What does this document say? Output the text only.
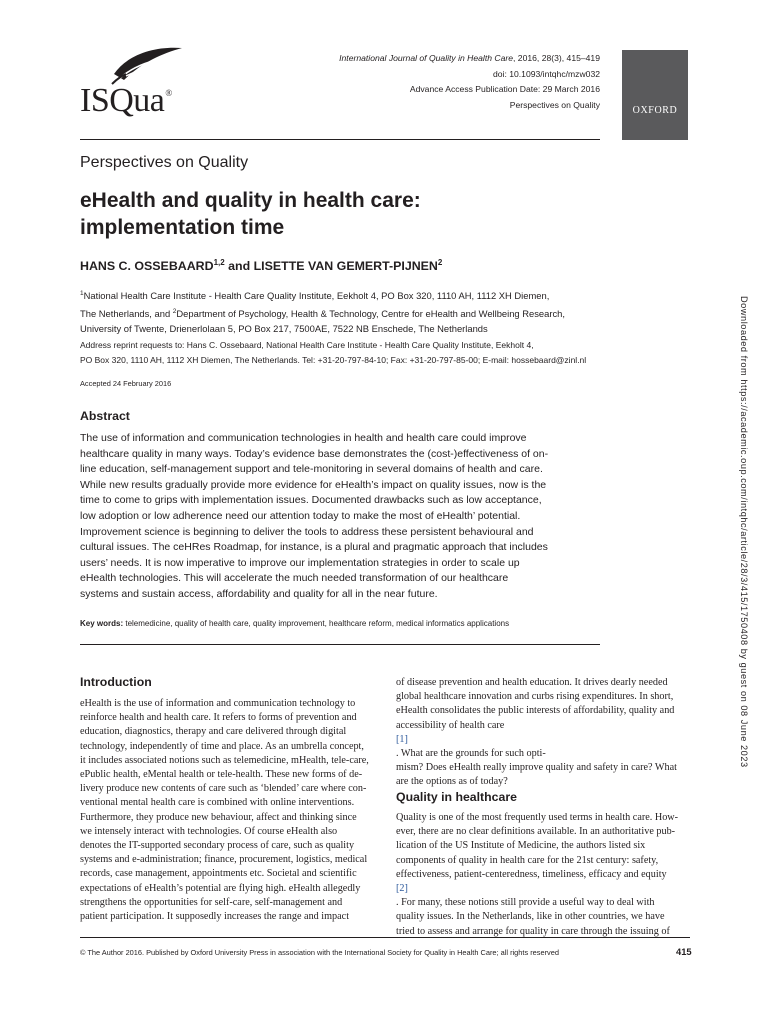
ISQua®
International Journal of Quality in Health Care, 2016, 28(3), 415–419
doi: 10.1093/intqhc/mzw032
Advance Access Publication Date: 29 March 2016
Perspectives on Quality
OXFORD
Perspectives on Quality
eHealth and quality in health care:
implementation time
HANS C. OSSEBAARD$^{1,2}$ and LISETTE VAN GEMERT-PIJNEN$^2$
$^1$National Health Care Institute - Health Care Quality Institute, Eekholt 4, PO Box 320, 1110 AH, 1112 XH Diemen,
The Netherlands, and $^2$Department of Psychology, Health & Technology, Centre for eHealth and Wellbeing Research,
University of Twente, Drienerlolaan 5, PO Box 217, 7500AE, 7522 NB Enschede, The Netherlands
Address reprint requests to: Hans C. Ossebaard, National Health Care Institute - Health Care Quality Institute, Eekholt 4,
PO Box 320, 1110 AH, 1112 XH Diemen, The Netherlands. Tel: +31-20-797-84-10; Fax: +31-20-797-85-00; E-mail: hossebaard@zinl.nl
Accepted 24 February 2016
Abstract
The use of information and communication technologies in health and health care could improve
healthcare quality in many ways. Today’s evidence base demonstrates the (cost-)effectiveness of on-
line education, self-management support and tele-monitoring in several domains of health and care.
While new results gradually provide more evidence for eHealth’s impact on quality issues, now is the
time to come to grips with implementation issues. Documented drawbacks such as low acceptance,
low adoption or low adherence need our attention today to make the most of eHealth’ potential.
Improvement science is beginning to deliver the tools to address these persistent behavioural and
cultural issues. The ceHRes Roadmap, for instance, is a plural and pragmatic approach that includes
users’ needs. It is now imperative to improve our implementation strategies in order to scale up
eHealth technologies. This will accelerate the much needed transformation of our healthcare
systems and sustain access, affordability and quality for all in the near future.
Key words: telemedicine, quality of health care, quality improvement, healthcare reform, medical informatics applications
Introduction
eHealth is the use of information and communication technology to
reinforce health and health care. It refers to forms of prevention and
education, diagnostics, therapy and care delivered through digital
technology, independently of time and place. As an umbrella concept,
it includes associated notions such as telemedicine, mHealth, tele-care,
ePublic health, eMental health or tele-health. These new forms of de-
livery produce new contents of care such as ‘blended’ care where con-
ventional mental health care is combined with online interventions.
Furthermore, they produce new behaviour, affect and thinking since
we intensely interact with technologies. Of course eHealth also
denotes the IT-supported secondary process of care, such as quality
systems and e-administration; finance, procurement, logistics, medical
records, case management, appointments etc. Societal and scientific
expectations of eHealth’s potential are flying high. eHealth allegedly
strengthens the opportunities for self-care, self-management and
patient participation. It supposedly increases the range and impact
of disease prevention and health education. It drives dearly needed
global healthcare innovation and curbs rising expenditures. In short,
eHealth consolidates the public interests of affordability, quality and
accessibility of health care
[1]
. What are the grounds for such opti-
mism? Does eHealth really improve quality and safety in care? What
are the options as of today?
Quality in healthcare
Quality is one of the most frequently used terms in health care. How-
ever, there are no clear definitions available. In an authoritative pub-
lication of the US Institute of Medicine, the authors listed six
components of quality in health care for the 21st century: safety,
effectiveness, patient-centeredness, timeliness, efficacy and equity
[2]
. For many, these notions still provide a useful way to deal with
quality issues. In the Netherlands, like in other countries, we have
tried to assess and arrange for quality in care through the issuing of
© The Author 2016. Published by Oxford University Press in association with the International Society for Quality in Health Care; all rights reserved	415
Downloaded from https://academic.oup.com/intqhc/article/28/3/415/1750408 by guest on 08 June 2023
